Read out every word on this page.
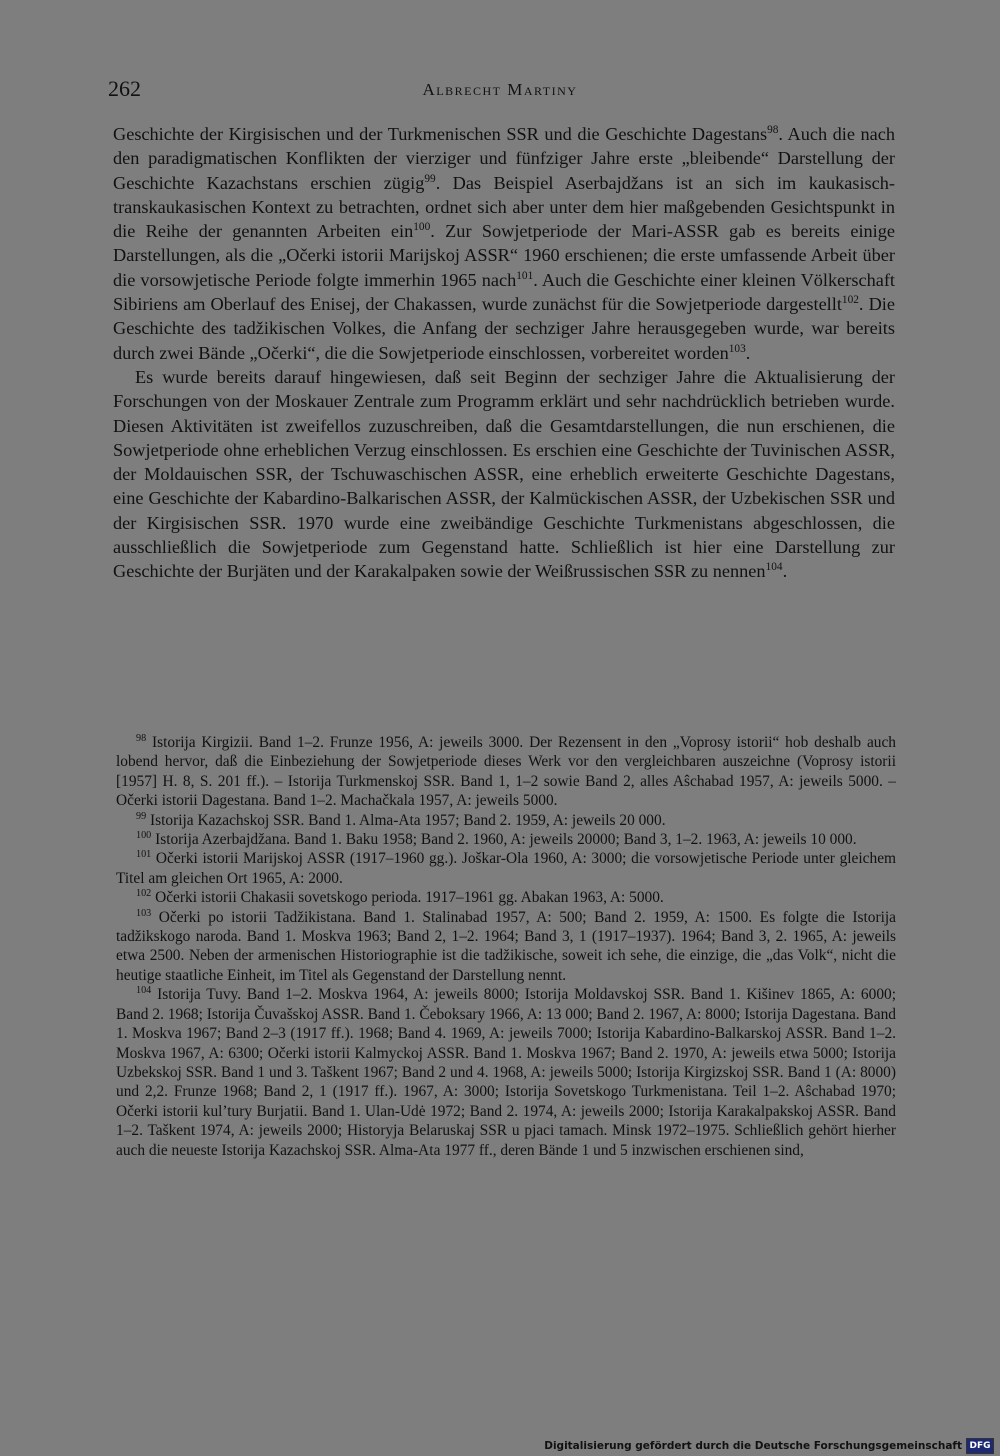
262	Albrecht Martiny

Geschichte der Kirgisischen und der Turkmenischen SSR und die Geschichte Dagestans$^{98}$. Auch die nach den paradigmatischen Konflikten der vierziger und fünfziger Jahre erste „bleibende“ Darstellung der Geschichte Kazachstans erschien zügig$^{99}$. Das Beispiel Aserbajdžans ist an sich im kaukasisch-transkaukasischen Kontext zu betrachten, ordnet sich aber unter dem hier maßgebenden Gesichtspunkt in die Reihe der genannten Arbeiten ein$^{100}$. Zur Sowjetperiode der Mari-ASSR gab es bereits einige Darstellungen, als die „Očerki istorii Marijskoj ASSR“ 1960 erschienen; die erste umfassende Arbeit über die vorsowjetische Periode folgte immerhin 1965 nach$^{101}$. Auch die Geschichte einer kleinen Völkerschaft Sibiriens am Oberlauf des Enisej, der Chakassen, wurde zunächst für die Sowjetperiode dargestellt$^{102}$. Die Geschichte des tadžikischen Volkes, die Anfang der sechziger Jahre herausgegeben wurde, war bereits durch zwei Bände „Očerki“, die die Sowjetperiode einschlossen, vorbereitet worden$^{103}$.

Es wurde bereits darauf hingewiesen, daß seit Beginn der sechziger Jahre die Aktualisierung der Forschungen von der Moskauer Zentrale zum Programm erklärt und sehr nachdrücklich betrieben wurde. Diesen Aktivitäten ist zweifellos zuzuschreiben, daß die Gesamtdarstellungen, die nun erschienen, die Sowjetperiode ohne erheblichen Verzug einschlossen. Es erschien eine Geschichte der Tuvinischen ASSR, der Moldauischen SSR, der Tschuwaschischen ASSR, eine erheblich erweiterte Geschichte Dagestans, eine Geschichte der Kabardino-Balkarischen ASSR, der Kalmückischen ASSR, der Uzbekischen SSR und der Kirgisischen SSR. 1970 wurde eine zweibändige Geschichte Turkmenistans abgeschlossen, die ausschließlich die Sowjetperiode zum Gegenstand hatte. Schließlich ist hier eine Darstellung zur Geschichte der Burjäten und der Karakalpaken sowie der Weißrussischen SSR zu nennen$^{104}$.

$^{98}$ Istorija Kirgizii. Band 1–2. Frunze 1956, A: jeweils 3000. Der Rezensent in den „Voprosy istorii“ hob deshalb auch lobend hervor, daß die Einbeziehung der Sowjetperiode dieses Werk vor den vergleichbaren auszeichne (Voprosy istorii [1957] H. 8, S. 201 ff.). – Istorija Turkmenskoj SSR. Band 1, 1–2 sowie Band 2, alles Aŝchabad 1957, A: jeweils 5000. – Očerki istorii Dagestana. Band 1–2. Machačkala 1957, A: jeweils 5000.

$^{99}$ Istorija Kazachskoj SSR. Band 1. Alma-Ata 1957; Band 2. 1959, A: jeweils 20 000.

$^{100}$ Istorija Azerbajdžana. Band 1. Baku 1958; Band 2. 1960, A: jeweils 20000; Band 3, 1–2. 1963, A: jeweils 10 000.

$^{101}$ Očerki istorii Marijskoj ASSR (1917–1960 gg.). Joškar-Ola 1960, A: 3000; die vorsowjetische Periode unter gleichem Titel am gleichen Ort 1965, A: 2000.

$^{102}$ Očerki istorii Chakasii sovetskogo perioda. 1917–1961 gg. Abakan 1963, A: 5000.

$^{103}$ Očerki po istorii Tadžikistana. Band 1. Stalinabad 1957, A: 500; Band 2. 1959, A: 1500. Es folgte die Istorija tadžikskogo naroda. Band 1. Moskva 1963; Band 2, 1–2. 1964; Band 3, 1 (1917–1937). 1964; Band 3, 2. 1965, A: jeweils etwa 2500. Neben der armenischen Historiographie ist die tadžikische, soweit ich sehe, die einzige, die „das Volk“, nicht die heutige staatliche Einheit, im Titel als Gegenstand der Darstellung nennt.

$^{104}$ Istorija Tuvy. Band 1–2. Moskva 1964, A: jeweils 8000; Istorija Moldavskoj SSR. Band 1. Kišinev 1865, A: 6000; Band 2. 1968; Istorija Čuvašskoj ASSR. Band 1. Čeboksary 1966, A: 13 000; Band 2. 1967, A: 8000; Istorija Dagestana. Band 1. Moskva 1967; Band 2–3 (1917 ff.). 1968; Band 4. 1969, A: jeweils 7000; Istorija Kabardino-Balkarskoj ASSR. Band 1–2. Moskva 1967, A: 6300; Očerki istorii Kalmyckoj ASSR. Band 1. Moskva 1967; Band 2. 1970, A: jeweils etwa 5000; Istorija Uzbekskoj SSR. Band 1 und 3. Taškent 1967; Band 2 und 4. 1968, A: jeweils 5000; Istorija Kirgizskoj SSR. Band 1 (A: 8000) und 2,2. Frunze 1968; Band 2, 1 (1917 ff.). 1967, A: 3000; Istorija Sovetskogo Turkmenistana. Teil 1–2. Aŝchabad 1970; Očerki istorii kul’tury Burjatii. Band 1. Ulan-Udė 1972; Band 2. 1974, A: jeweils 2000; Istorija Karakalpakskoj ASSR. Band 1–2. Taškent 1974, A: jeweils 2000; Historyja Belaruskaj SSR u pjaci tamach. Minsk 1972–1975. Schließlich gehört hierher auch die neueste Istorija Kazachskoj SSR. Alma-Ata 1977 ff., deren Bände 1 und 5 inzwischen erschienen sind,

Digitalisierung gefördert durch die Deutsche Forschungsgemeinschaft DFG
